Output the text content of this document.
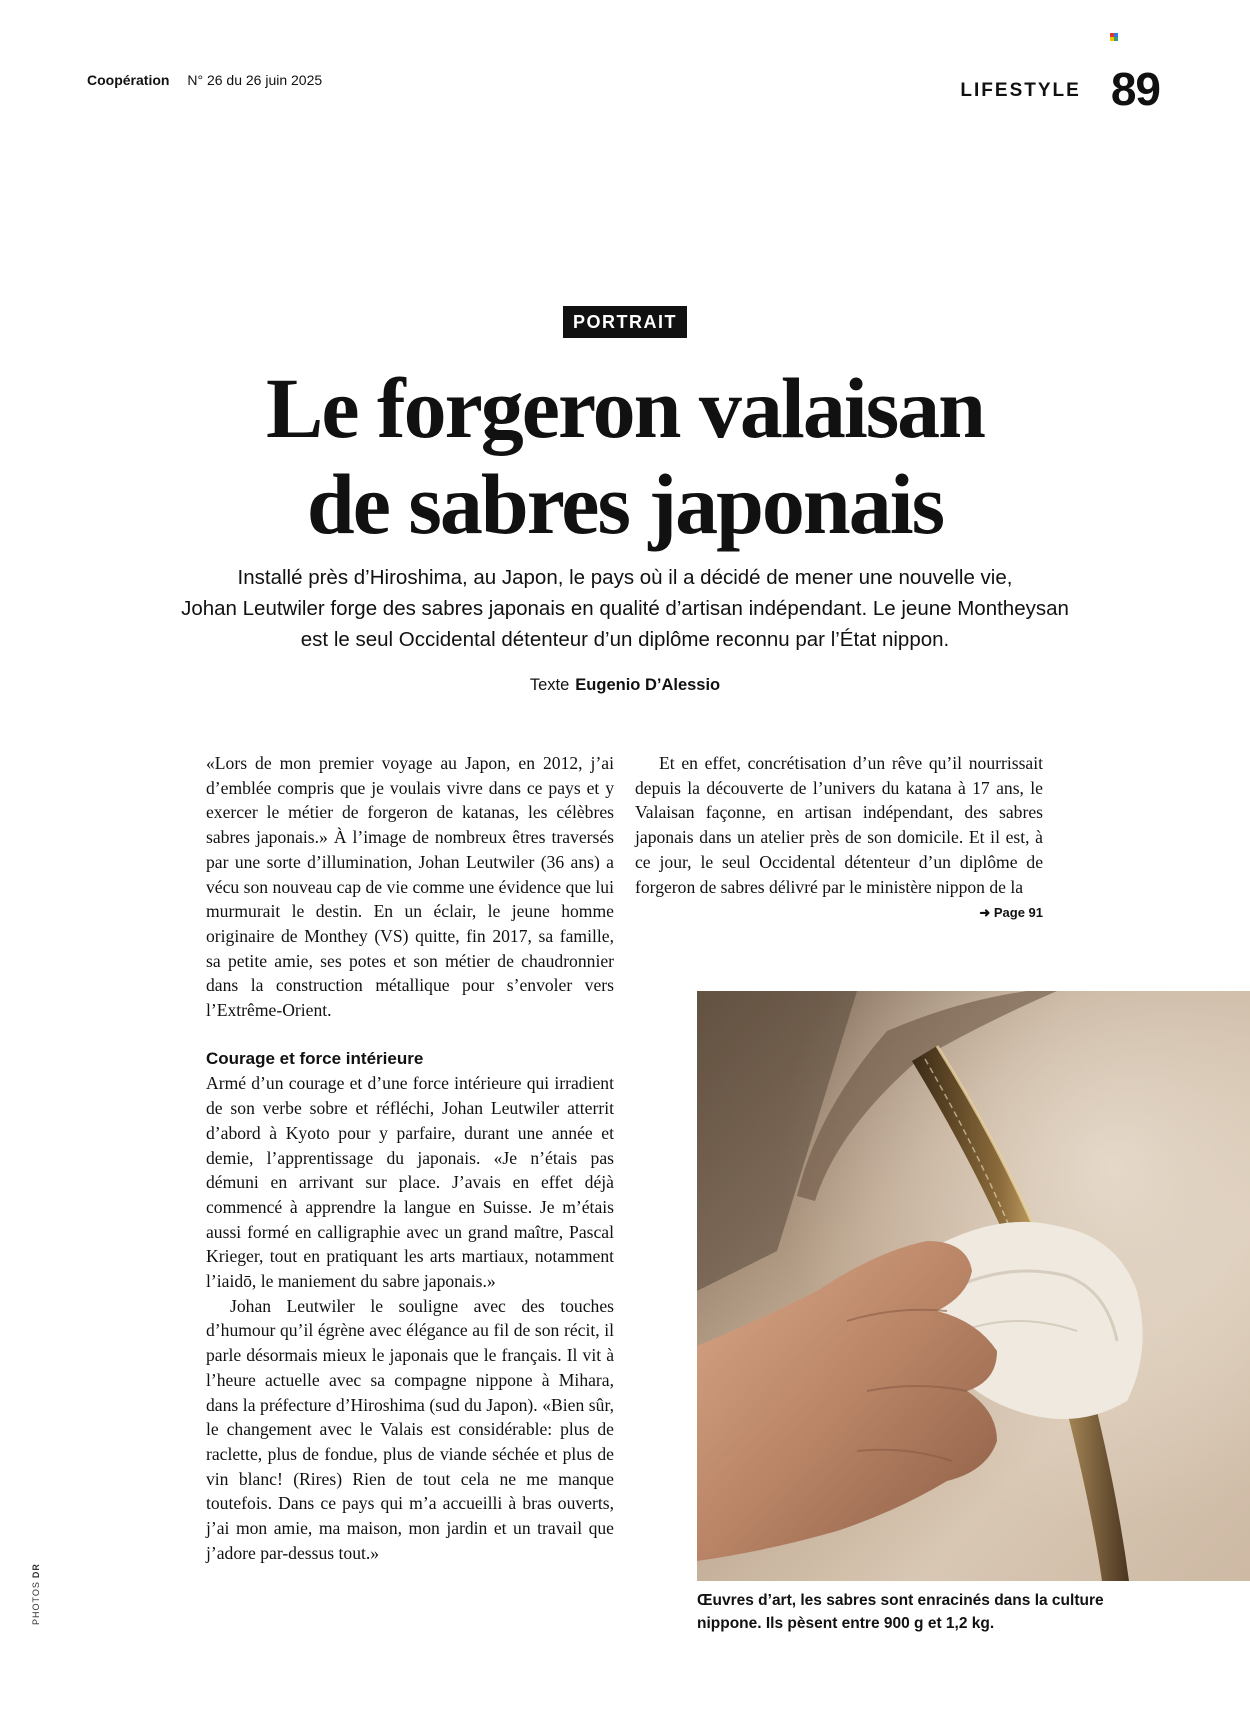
Coopération N° 26 du 26 juin 2025	LIFESTYLE 89
PORTRAIT
Le forgeron valaisan
de sabres japonais
Installé près d’Hiroshima, au Japon, le pays où il a décidé de mener une nouvelle vie,
Johan Leutwiler forge des sabres japonais en qualité d’artisan indépendant. Le jeune Montheysan
est le seul Occidental détenteur d’un diplôme reconnu par l’État nippon.
Texte Eugenio D’Alessio

«Lors de mon premier voyage au Japon, en 2012, j’ai d’emblée compris que je voulais vivre dans ce pays et y exercer le métier de forgeron de katanas, les célèbres sabres japonais.» À l’image de nombreux êtres traversés par une sorte d’illumination, Johan Leutwiler (36 ans) a vécu son nouveau cap de vie comme une évidence que lui murmurait le destin. En un éclair, le jeune homme originaire de Monthey (VS) quitte, fin 2017, sa famille, sa petite amie, ses potes et son métier de chaudronnier dans la construction métallique pour s’envoler vers l’Extrême-Orient.

Courage et force intérieure

Armé d’un courage et d’une force intérieure qui irradient de son verbe sobre et réfléchi, Johan Leutwiler atterrit d’abord à Kyoto pour y parfaire, durant une année et demie, l’apprentissage du japonais. «Je n’étais pas démuni en arrivant sur place. J’avais en effet déjà commencé à apprendre la langue en Suisse. Je m’étais aussi formé en calligraphie avec un grand maître, Pascal Krieger, tout en pratiquant les arts martiaux, notamment l’iaidō, le maniement du sabre japonais.»

Johan Leutwiler le souligne avec des touches d’humour qu’il égrène avec élégance au fil de son récit, il parle désormais mieux le japonais que le français. Il vit à l’heure actuelle avec sa compagne nippone à Mihara, dans la préfecture d’Hiroshima (sud du Japon). «Bien sûr, le changement avec le Valais est considérable: plus de raclette, plus de fondue, plus de viande séchée et plus de vin blanc! (Rires) Rien de tout cela ne me manque toutefois. Dans ce pays qui m’a accueilli à bras ouverts, j’ai mon amie, ma maison, mon jardin et un travail que j’adore par-dessus tout.»

Et en effet, concrétisation d’un rêve qu’il nourrissait depuis la découverte de l’univers du katana à 17 ans, le Valaisan façonne, en artisan indépendant, des sabres japonais dans un atelier près de son domicile. Et il est, à ce jour, le seul Occidental détenteur d’un diplôme de forgeron de sabres délivré par le ministère nippon de la
➜ Page 91

Œuvres d’art, les sabres sont enracinés dans la culture nippone. Ils pèsent entre 900 g et 1,2 kg.

PHOTOSDR
